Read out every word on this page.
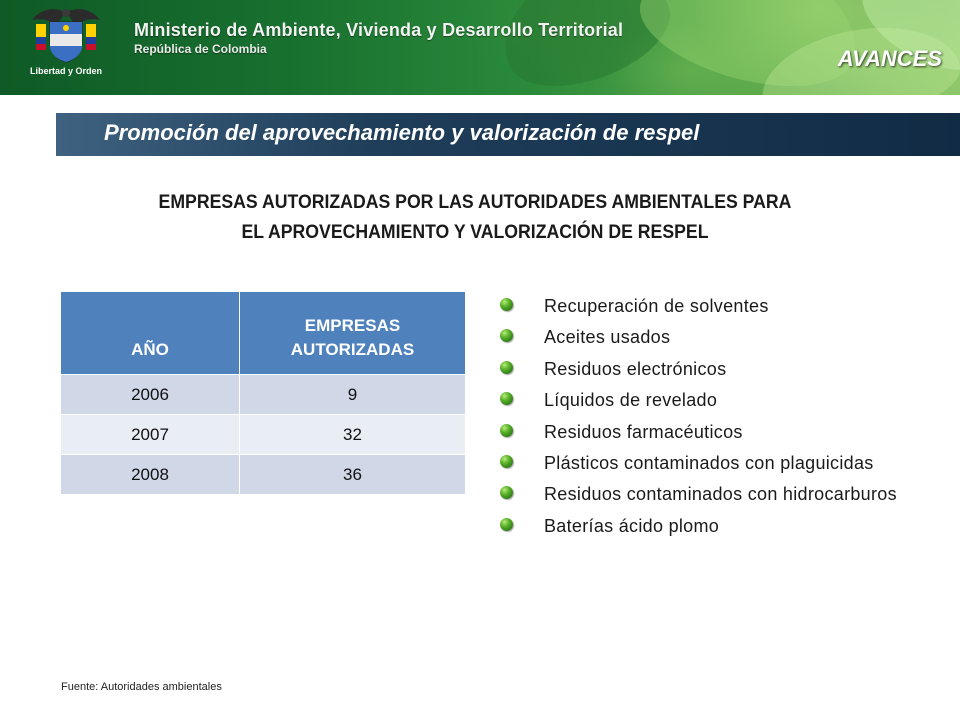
Libertad y Orden
Ministerio de Ambiente, Vivienda y Desarrollo Territorial
República de Colombia	AVANCES
Promoción del aprovechamiento y valorización de respel
EMPRESAS AUTORIZADAS POR LAS AUTORIDADES AMBIENTALES PARA
EL APROVECHAMIENTO Y VALORIZACIÓN DE RESPEL
AÑO	EMPRESAS AUTORIZADAS
2006	9
2007	32
2008	36
Recuperación de solventes
Aceites usados
Residuos electrónicos
Líquidos de revelado
Residuos farmacéuticos
Plásticos contaminados con plaguicidas
Residuos contaminados con hidrocarburos
Baterías ácido plomo
Fuente: Autoridades ambientales
